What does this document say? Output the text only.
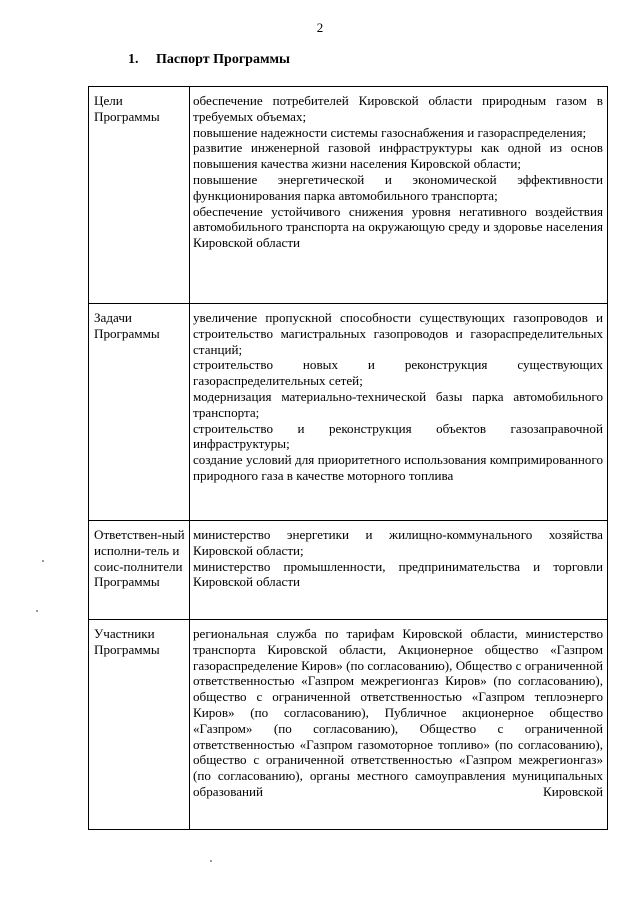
2
1. Паспорт Программы
Цели Программы	обеспечение потребителей Кировской области природным газом в требуемых объемах;
повышение надежности системы газоснабжения и газораспределения;
развитие инженерной газовой инфраструктуры как одной из основ повышения качества жизни населения Кировской области;
повышение энергетической и экономической эффективности функционирования парка автомобильного транспорта;
обеспечение устойчивого снижения уровня негативного воздействия автомобильного транспорта на окружающую среду и здоровье населения Кировской области

Задачи Программы	увеличение пропускной способности существующих газопроводов и строительство магистральных газопроводов и газораспределительных станций;
строительство новых и реконструкция существующих газораспределительных сетей;
модернизация материально-технической базы парка автомобильного транспорта;
строительство и реконструкция объектов газозаправочной инфраструктуры;
создание условий для приоритетного использования компримированного природного газа в качестве моторного топлива

Ответствен-ный исполни-тель и соис-полнители Программы	министерство энергетики и жилищно-коммунального хозяйства Кировской области;
министерство промышленности, предпринимательства и торговли Кировской области

Участники Программы	региональная служба по тарифам Кировской области, министерство транспорта Кировской области, Акционерное общество «Газпром газораспределение Киров» (по согласованию), Общество с ограниченной ответственностью «Газпром межрегионгаз Киров» (по согласованию), общество с ограниченной ответственностью «Газпром теплоэнерго Киров» (по согласованию), Публичное акционерное общество «Газпром» (по согласованию), Общество с ограниченной ответственностью «Газпром газомоторное топливо» (по согласованию), общество с ограниченной ответственностью «Газпром межрегионгаз» (по согласованию), органы местного самоуправления муниципальных образований Кировской
